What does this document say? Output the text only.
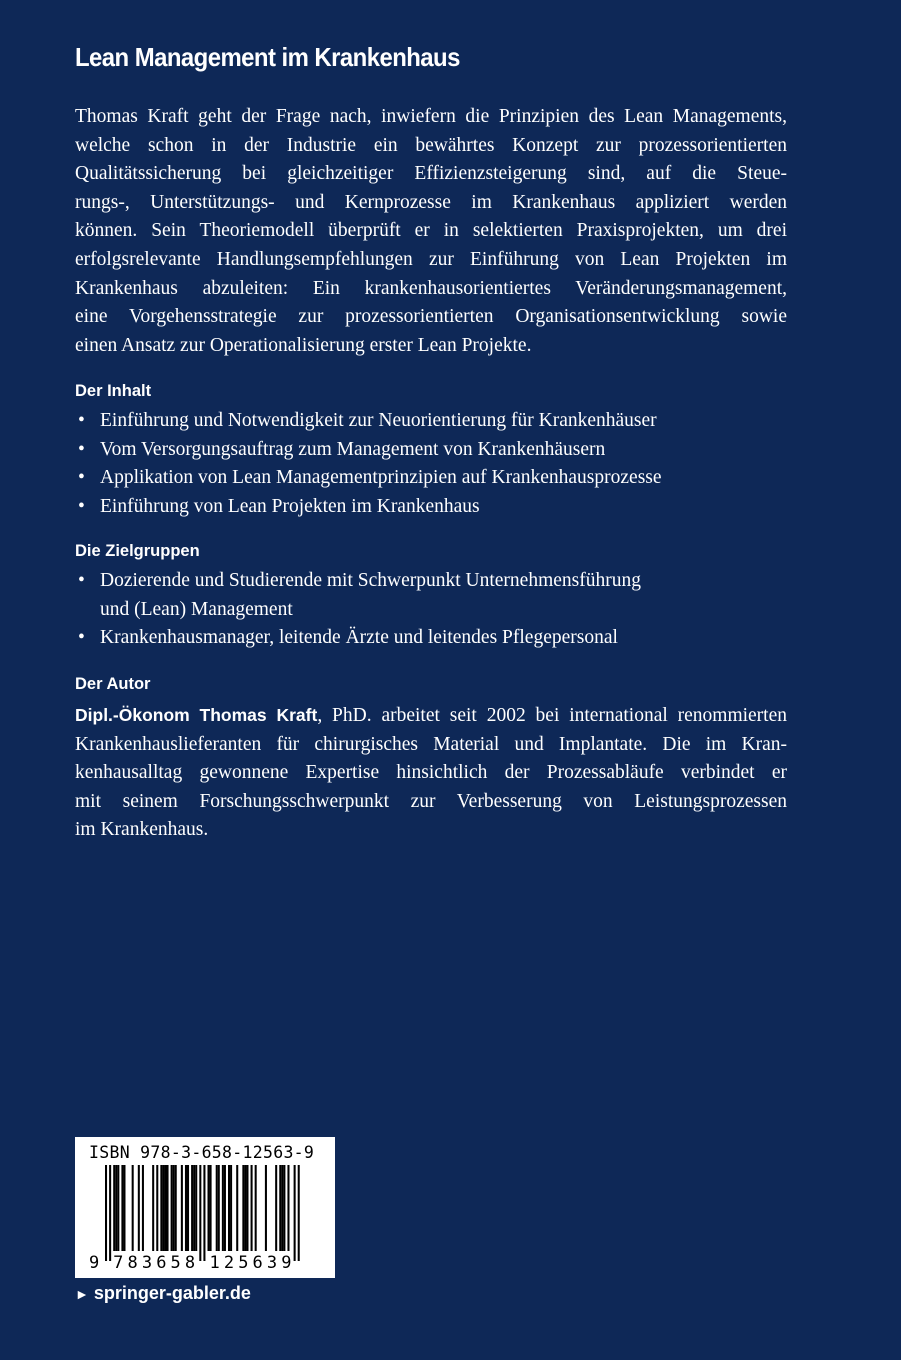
Lean Management im Krankenhaus
Thomas Kraft geht der Frage nach, inwiefern die Prinzipien des Lean Managements,
welche schon in der Industrie ein bewährtes Konzept zur prozessorientierten
Qualitätssicherung bei gleichzeitiger Effizienzsteigerung sind, auf die Steue-
rungs-, Unterstützungs- und Kernprozesse im Krankenhaus appliziert werden
können. Sein Theoriemodell überprüft er in selektierten Praxisprojekten, um drei
erfolgsrelevante Handlungsempfehlungen zur Einführung von Lean Projekten im
Krankenhaus abzuleiten: Ein krankenhausorientiertes Veränderungsmanagement,
eine Vorgehensstrategie zur prozessorientierten Organisationsentwicklung sowie
einen Ansatz zur Operationalisierung erster Lean Projekte.
Der Inhalt
• Einführung und Notwendigkeit zur Neuorientierung für Krankenhäuser
• Vom Versorgungsauftrag zum Management von Krankenhäusern
• Applikation von Lean Managementprinzipien auf Krankenhausprozesse
• Einführung von Lean Projekten im Krankenhaus
Die Zielgruppen
• Dozierende und Studierende mit Schwerpunkt Unternehmensführung
und (Lean) Management
• Krankenhausmanager, leitende Ärzte und leitendes Pflegepersonal
Der Autor
Dipl.-Ökonom Thomas Kraft, PhD. arbeitet seit 2002 bei international renommierten
Krankenhauslieferanten für chirurgisches Material und Implantate. Die im Kran-
kenhausalltag gewonnene Expertise hinsichtlich der Prozessabläufe verbindet er
mit seinem Forschungsschwerpunkt zur Verbesserung von Leistungsprozessen
im Krankenhaus.
ISBN 978-3-658-12563-9
9 7 8 3 6 5 8 1 2 5 6 3 9
► springer-gabler.de
